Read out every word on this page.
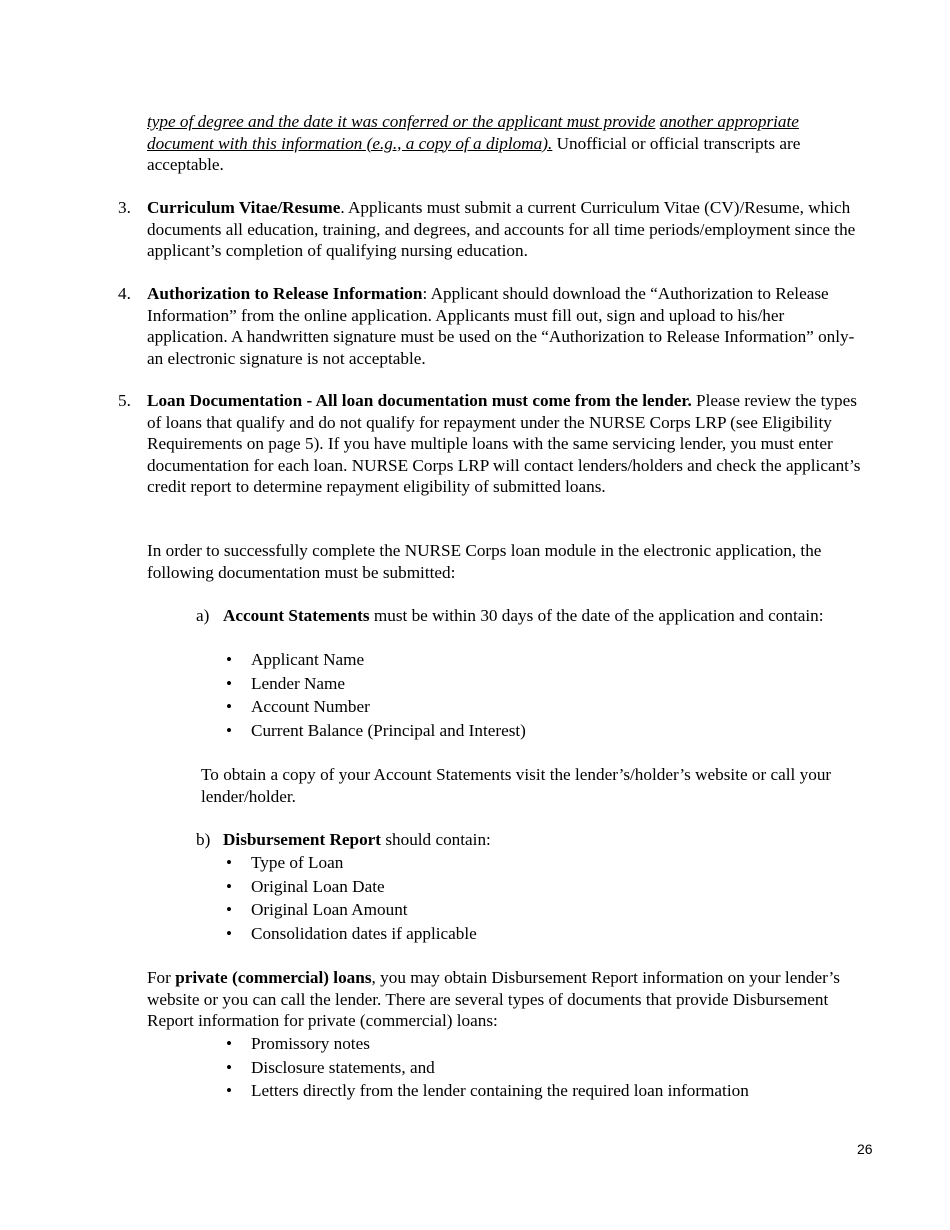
type of degree and the date it was conferred or the applicant must provide another appropriate document with this information (e.g., a copy of a diploma). Unofficial or official transcripts are acceptable.

3. Curriculum Vitae/Resume. Applicants must submit a current Curriculum Vitae (CV)/Resume, which documents all education, training, and degrees, and accounts for all time periods/employment since the applicant’s completion of qualifying nursing education.

4. Authorization to Release Information: Applicant should download the “Authorization to Release Information” from the online application. Applicants must fill out, sign and upload to his/her application. A handwritten signature must be used on the “Authorization to Release Information” only- an electronic signature is not acceptable.

5. Loan Documentation - All loan documentation must come from the lender. Please review the types of loans that qualify and do not qualify for repayment under the NURSE Corps LRP (see Eligibility Requirements on page 5). If you have multiple loans with the same servicing lender, you must enter documentation for each loan. NURSE Corps LRP will contact lenders/holders and check the applicant’s credit report to determine repayment eligibility of submitted loans.

In order to successfully complete the NURSE Corps loan module in the electronic application, the following documentation must be submitted:

a) Account Statements must be within 30 days of the date of the application and contain:

• Applicant Name
• Lender Name
• Account Number
• Current Balance (Principal and Interest)

To obtain a copy of your Account Statements visit the lender’s/holder’s website or call your lender/holder.

b) Disbursement Report should contain:

• Type of Loan
• Original Loan Date
• Original Loan Amount
• Consolidation dates if applicable

For private (commercial) loans, you may obtain Disbursement Report information on your lender’s website or you can call the lender. There are several types of documents that provide Disbursement Report information for private (commercial) loans:

• Promissory notes
• Disclosure statements, and
• Letters directly from the lender containing the required loan information
26
